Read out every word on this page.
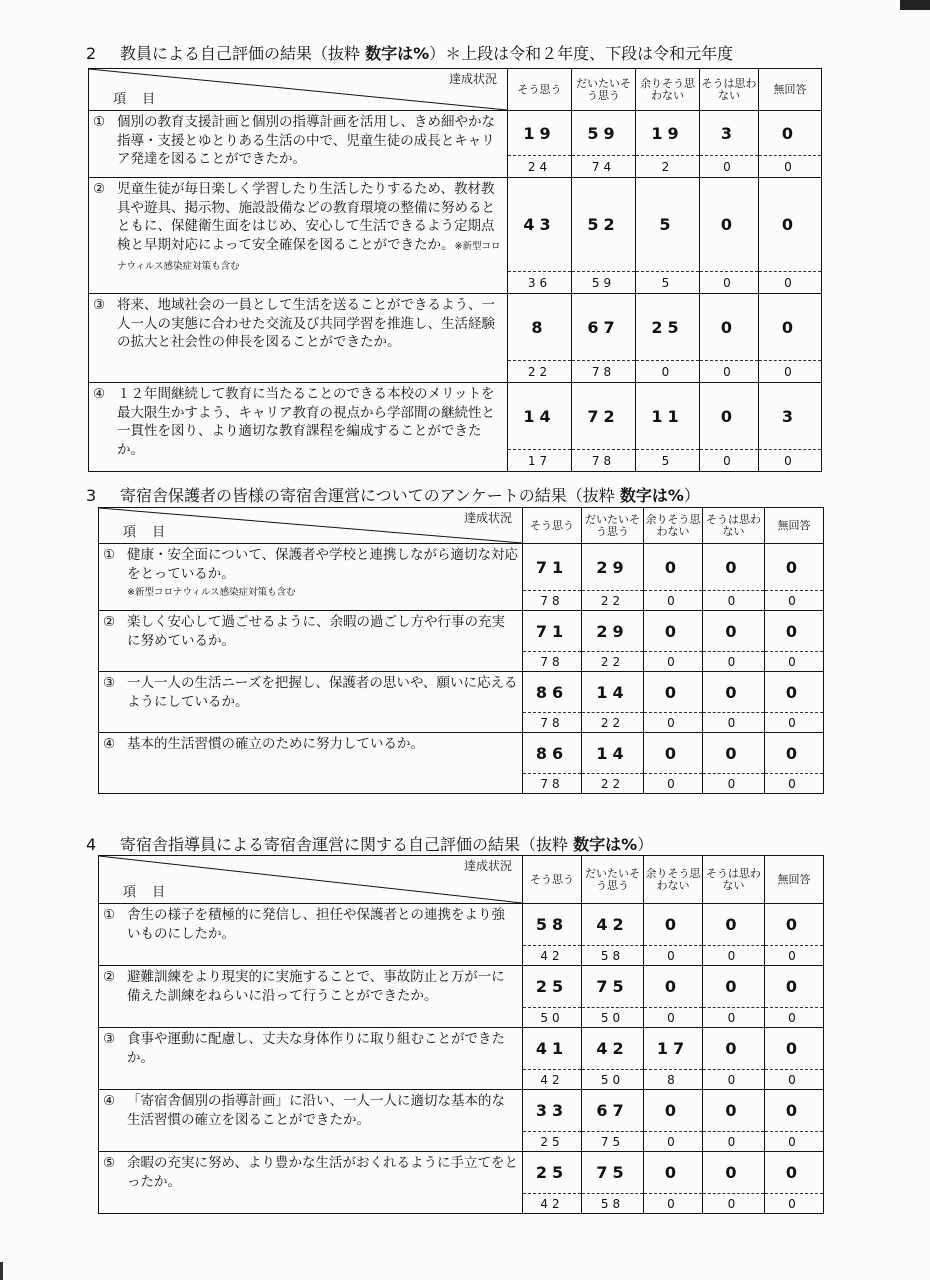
2 教員による自己評価の結果（抜粋 数字は%）＊上段は令和２年度、下段は令和元年度
達成状況
項 目	そう思う	だいたいそう思う	余りそう思わない	そうは思わない	無回答

① 個別の教育支援計画と個別の指導計画を活用し、きめ細やかな指導・支援とゆとりある生活の中で、児童生徒の成長とキャリア発達を図ることができたか。	19	59	19	3	0
	24	74	2	0	0

② 児童生徒が毎日楽しく学習したり生活したりするため、教材教具や遊具、掲示物、施設設備などの教育環境の整備に努めるとともに、保健衛生面をはじめ、安心して生活できるよう定期点検と早期対応によって安全確保を図ることができたか。※新型コロナウィルス感染症対策も含む	43	52	5	0	0
	36	59	5	0	0

③ 将来、地域社会の一員として生活を送ることができるよう、一人一人の実態に合わせた交流及び共同学習を推進し、生活経験の拡大と社会性の伸長を図ることができたか。	8	67	25	0	0
	22	78	0	0	0

④ １２年間継続して教育に当たることのできる本校のメリットを最大限生かすよう、キャリア教育の視点から学部間の継続性と一貫性を図り、より適切な教育課程を編成することができたか。	14	72	11	0	3
	17	78	5	0	0
3 寄宿舎保護者の皆様の寄宿舎運営についてのアンケートの結果（抜粋 数字は%）
達成状況
項 目	そう思う	だいたいそう思う	余りそう思わない	そうは思わない	無回答

① 健康・安全面について、保護者や学校と連携しながら適切な対応をとっているか。
※新型コロナウィルス感染症対策も含む	71	29	0	0	0
	78	22	0	0	0

② 楽しく安心して過ごせるように、余暇の過ごし方や行事の充実に努めているか。	71	29	0	0	0
	78	22	0	0	0

③ 一人一人の生活ニーズを把握し、保護者の思いや、願いに応えるようにしているか。	86	14	0	0	0
	78	22	0	0	0

④ 基本的生活習慣の確立のために努力しているか。	86	14	0	0	0
	78	22	0	0	0
4 寄宿舎指導員による寄宿舎運営に関する自己評価の結果（抜粋 数字は%）
達成状況
項 目	そう思う	だいたいそう思う	余りそう思わない	そうは思わない	無回答

① 舎生の様子を積極的に発信し、担任や保護者との連携をより強いものにしたか。	58	42	0	0	0
	42	58	0	0	0

② 避難訓練をより現実的に実施することで、事故防止と万が一に備えた訓練をねらいに沿って行うことができたか。	25	75	0	0	0
	50	50	0	0	0

③ 食事や運動に配慮し、丈夫な身体作りに取り組むことができたか。	41	42	17	0	0
	42	50	8	0	0

④ 「寄宿舎個別の指導計画」に沿い、一人一人に適切な基本的な生活習慣の確立を図ることができたか。	33	67	0	0	0
	25	75	0	0	0

⑤ 余暇の充実に努め、より豊かな生活がおくれるように手立てをとったか。	25	75	0	0	0
	42	58	0	0	0
